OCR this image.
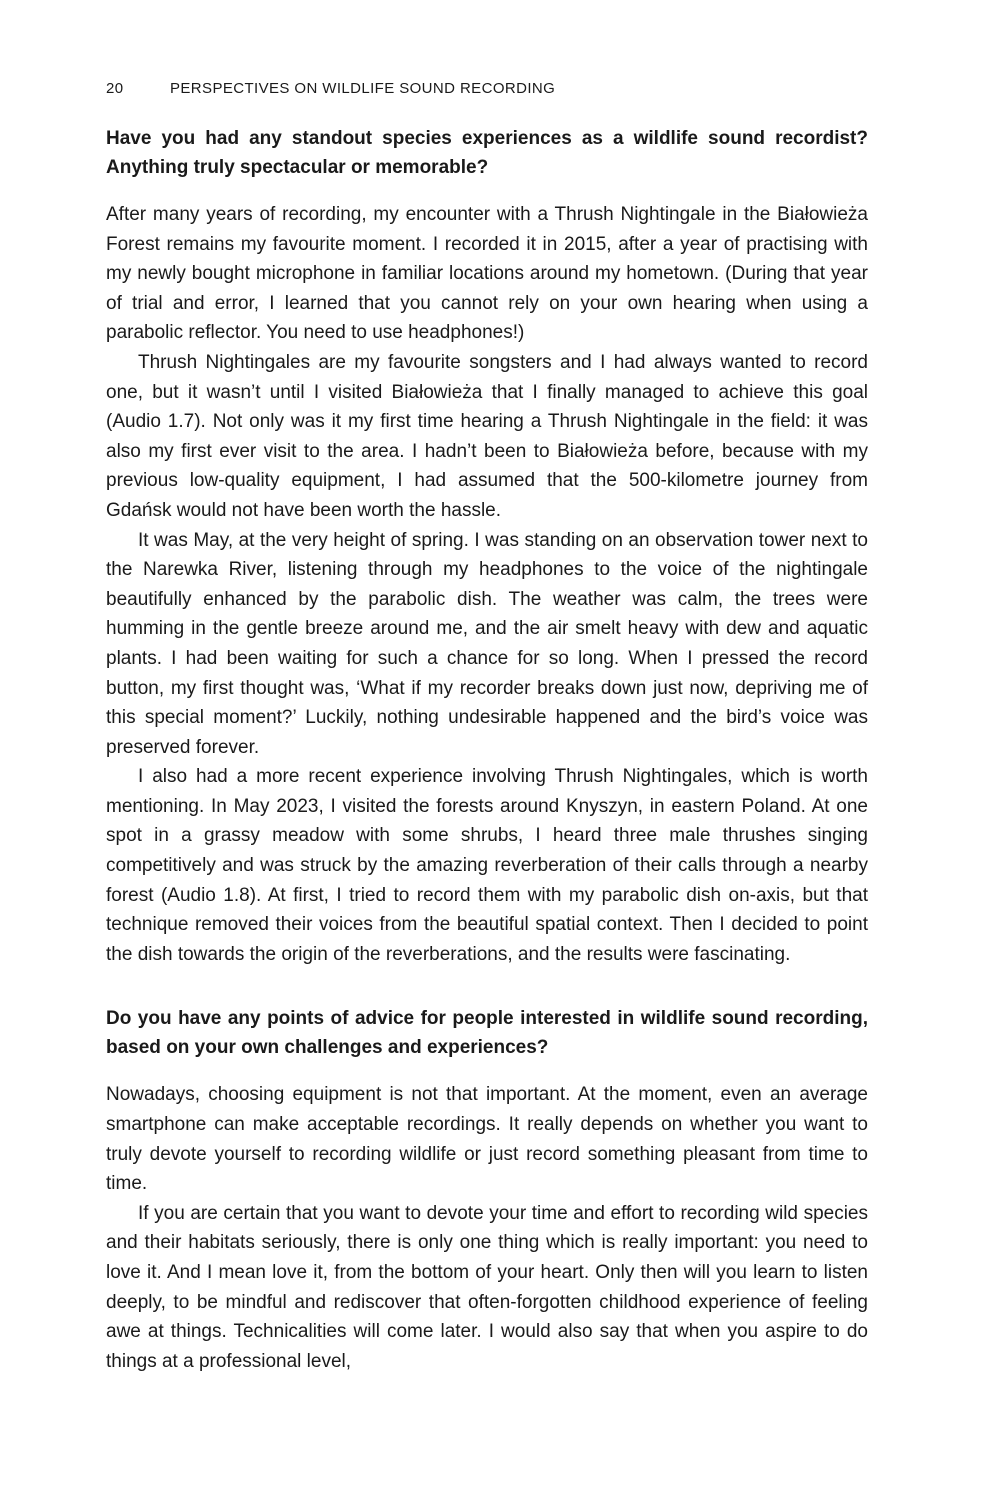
20	PERSPECTIVES ON WILDLIFE SOUND RECORDING

Have you had any standout species experiences as a wildlife sound recordist? Anything truly spectacular or memorable?

After many years of recording, my encounter with a Thrush Nightingale in the Białowieża Forest remains my favourite moment. I recorded it in 2015, after a year of practising with my newly bought microphone in familiar locations around my hometown. (During that year of trial and error, I learned that you cannot rely on your own hearing when using a parabolic reflector. You need to use headphones!)

Thrush Nightingales are my favourite songsters and I had always wanted to record one, but it wasn’t until I visited Białowieża that I finally managed to achieve this goal (Audio 1.7). Not only was it my first time hearing a Thrush Nightingale in the field: it was also my first ever visit to the area. I hadn’t been to Białowieża before, because with my previous low-quality equipment, I had assumed that the 500-kilometre journey from Gdańsk would not have been worth the hassle.

It was May, at the very height of spring. I was standing on an observation tower next to the Narewka River, listening through my headphones to the voice of the nightingale beautifully enhanced by the parabolic dish. The weather was calm, the trees were humming in the gentle breeze around me, and the air smelt heavy with dew and aquatic plants. I had been waiting for such a chance for so long. When I pressed the record button, my first thought was, ‘What if my recorder breaks down just now, depriving me of this special moment?’ Luckily, nothing undesirable happened and the bird’s voice was preserved forever.

I also had a more recent experience involving Thrush Nightingales, which is worth mentioning. In May 2023, I visited the forests around Knyszyn, in eastern Poland. At one spot in a grassy meadow with some shrubs, I heard three male thrushes singing competitively and was struck by the amazing reverberation of their calls through a nearby forest (Audio 1.8). At first, I tried to record them with my parabolic dish on-axis, but that technique removed their voices from the beautiful spatial context. Then I decided to point the dish towards the origin of the reverberations, and the results were fascinating.

Do you have any points of advice for people interested in wildlife sound recording, based on your own challenges and experiences?

Nowadays, choosing equipment is not that important. At the moment, even an average smartphone can make acceptable recordings. It really depends on whether you want to truly devote yourself to recording wildlife or just record something pleasant from time to time.

If you are certain that you want to devote your time and effort to recording wild species and their habitats seriously, there is only one thing which is really important: you need to love it. And I mean love it, from the bottom of your heart. Only then will you learn to listen deeply, to be mindful and rediscover that often-forgotten childhood experience of feeling awe at things. Technicalities will come later. I would also say that when you aspire to do things at a professional level,
